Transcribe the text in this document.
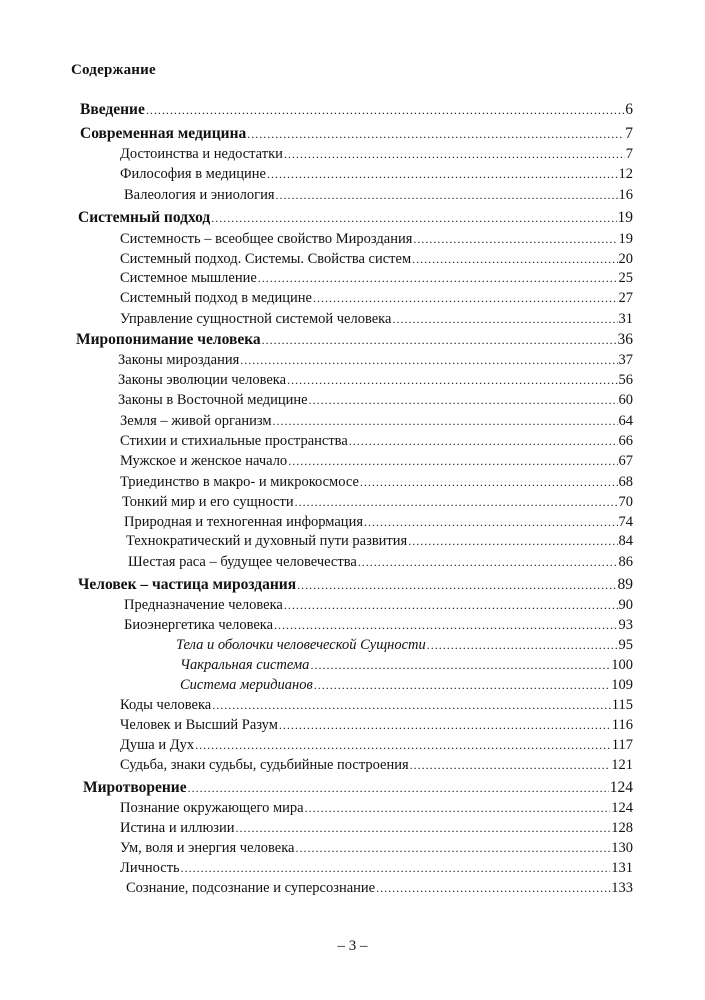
Содержание
Введение .....	6
Современная медицина .....	7
Достоинства и недостатки .....	7
Философия в медицине .....	12
Валеология и эниология .....	16
Системный подход .....	19
Системность – всеобщее свойство Мироздания .....	19
Системный подход. Системы. Свойства систем .....	20
Системное мышление .....	25
Системный подход в медицине .....	27
Управление сущностной системой человека .....	31
Миропонимание человека .....	36
Законы мироздания .....	37
Законы эволюции человека .....	56
Законы в Восточной медицине .....	60
Земля – живой организм .....	64
Стихии и стихиальные пространства .....	66
Мужское и женское начало .....	67
Триединство в макро- и микрокосмосе .....	68
Тонкий мир и его сущности .....	70
Природная и техногенная информация .....	74
Технократический и духовный пути развития .....	84
Шестая раса – будущее человечества .....	86
Человек – частица мироздания .....	89
Предназначение человека .....	90
Биоэнергетика человека .....	93
Тела и оболочки человеческой Сущности .....	95
Чакральная система .....	100
Система меридианов .....	109
Коды человека .....	115
Человек и Высший Разум .....	116
Душа и Дух .....	117
Судьба, знаки судьбы, судьбийные построения .....	121
Миротворение .....	124
Познание окружающего мира .....	124
Истина и иллюзии .....	128
Ум, воля и энергия человека .....	130
Личность .....	131
Сознание, подсознание и суперсознание .....	133
– 3 –
